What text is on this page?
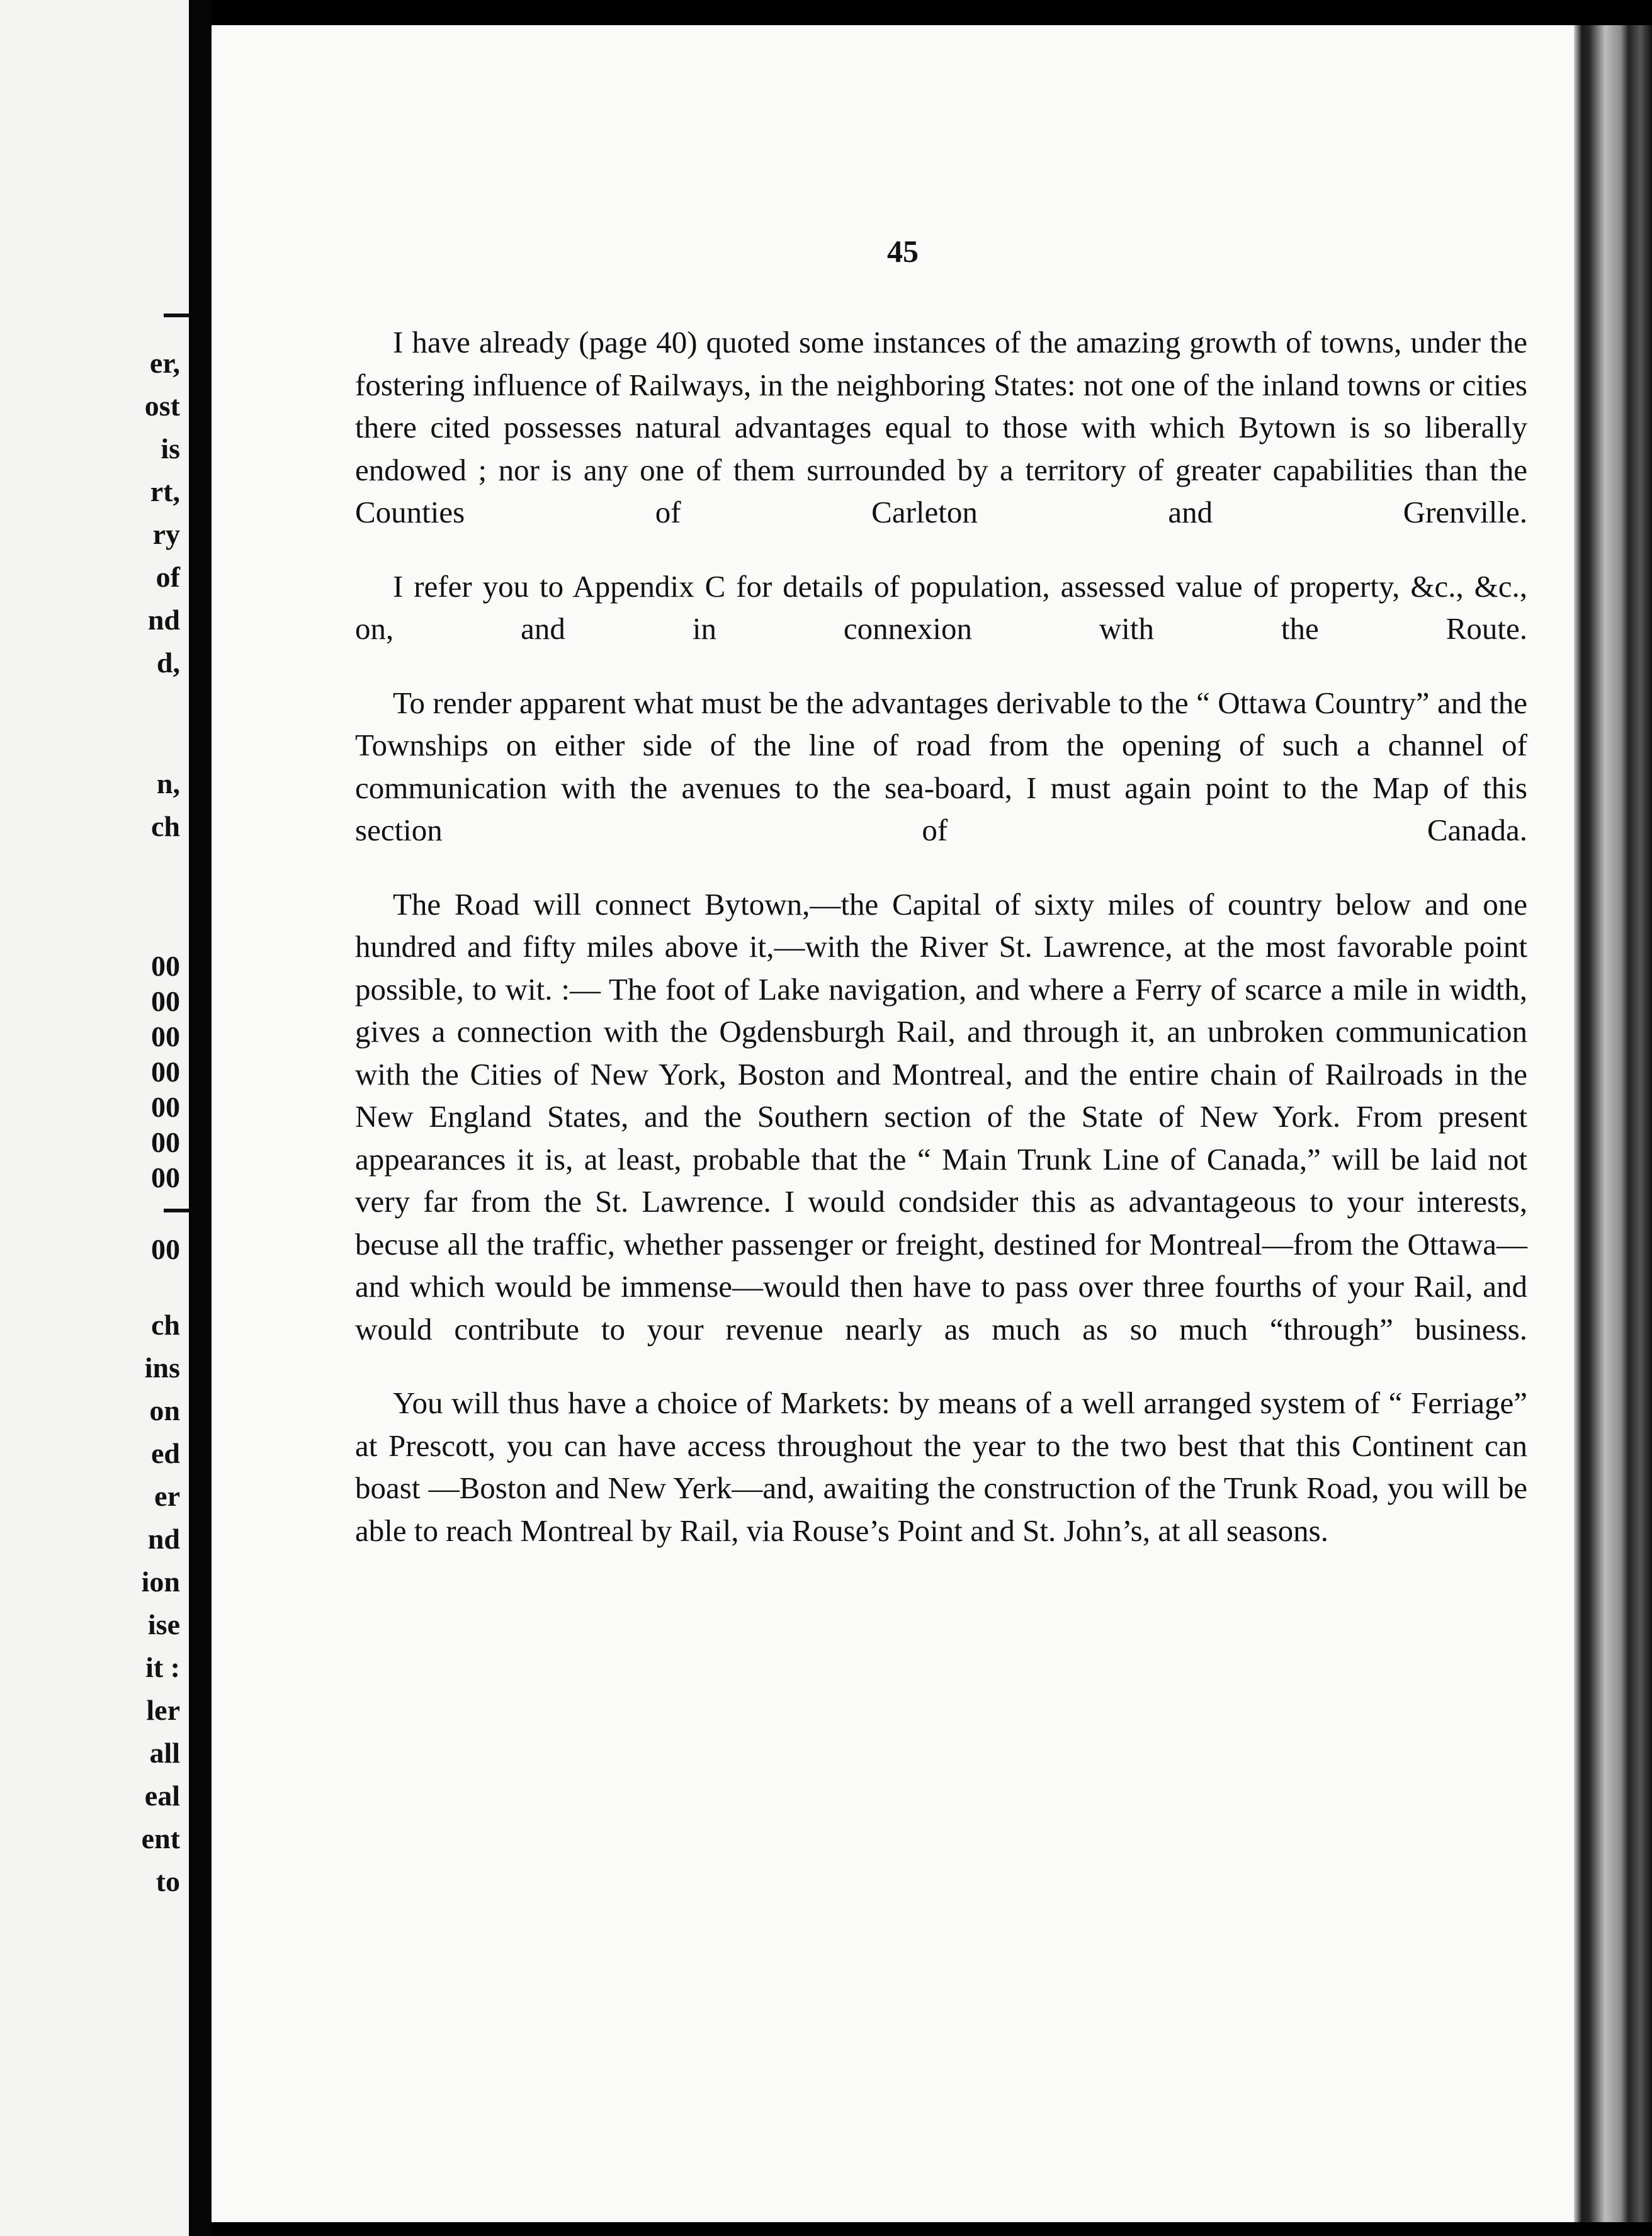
er,
ost
is
rt,
ry
of
nd
d,
n,
ch
00
00
00
00
00
00
00
00
ch
ins
on
ed
er
nd
ion
ise
it :
ler
all
eal
ent
to
45

I have already (page 40) quoted some instances of the amazing growth of towns, under the fostering influence of Railways, in the neighboring States: not one of the inland towns or cities there cited possesses natural advantages equal to those with which Bytown is so liberally endowed ; nor is any one of them surrounded by a territory of greater capabilities than the Counties of Carleton and Grenville.

I refer you to Appendix C for details of population, assessed value of property, &c., &c., on, and in connexion with the Route.

To render apparent what must be the advantages derivable to the “ Ottawa Country” and the Townships on either side of the line of road from the opening of such a channel of communication with the avenues to the sea-board, I must again point to the Map of this section of Canada.

The Road will connect Bytown,—the Capital of sixty miles of country below and one hundred and fifty miles above it,—with the River St. Lawrence, at the most favorable point possible, to wit. :— The foot of Lake navigation, and where a Ferry of scarce a mile in width, gives a connection with the Ogdensburgh Rail, and through it, an unbroken communication with the Cities of New York, Boston and Montreal, and the entire chain of Railroads in the New England States, and the Southern section of the State of New York. From present appearances it is, at least, probable that the “ Main Trunk Line of Canada,” will be laid not very far from the St. Lawrence. I would condsider this as advantageous to your interests, becuse all the traffic, whether passenger or freight, destined for Montreal—from the Ottawa—and which would be immense—would then have to pass over three fourths of your Rail, and would contribute to your revenue nearly as much as so much “through” business.

You will thus have a choice of Markets: by means of a well arranged system of “ Ferriage” at Prescott, you can have access throughout the year to the two best that this Continent can boast —Boston and New Yerk—and, awaiting the construction of the Trunk Road, you will be able to reach Montreal by Rail, via Rouse’s Point and St. John’s, at all seasons.
